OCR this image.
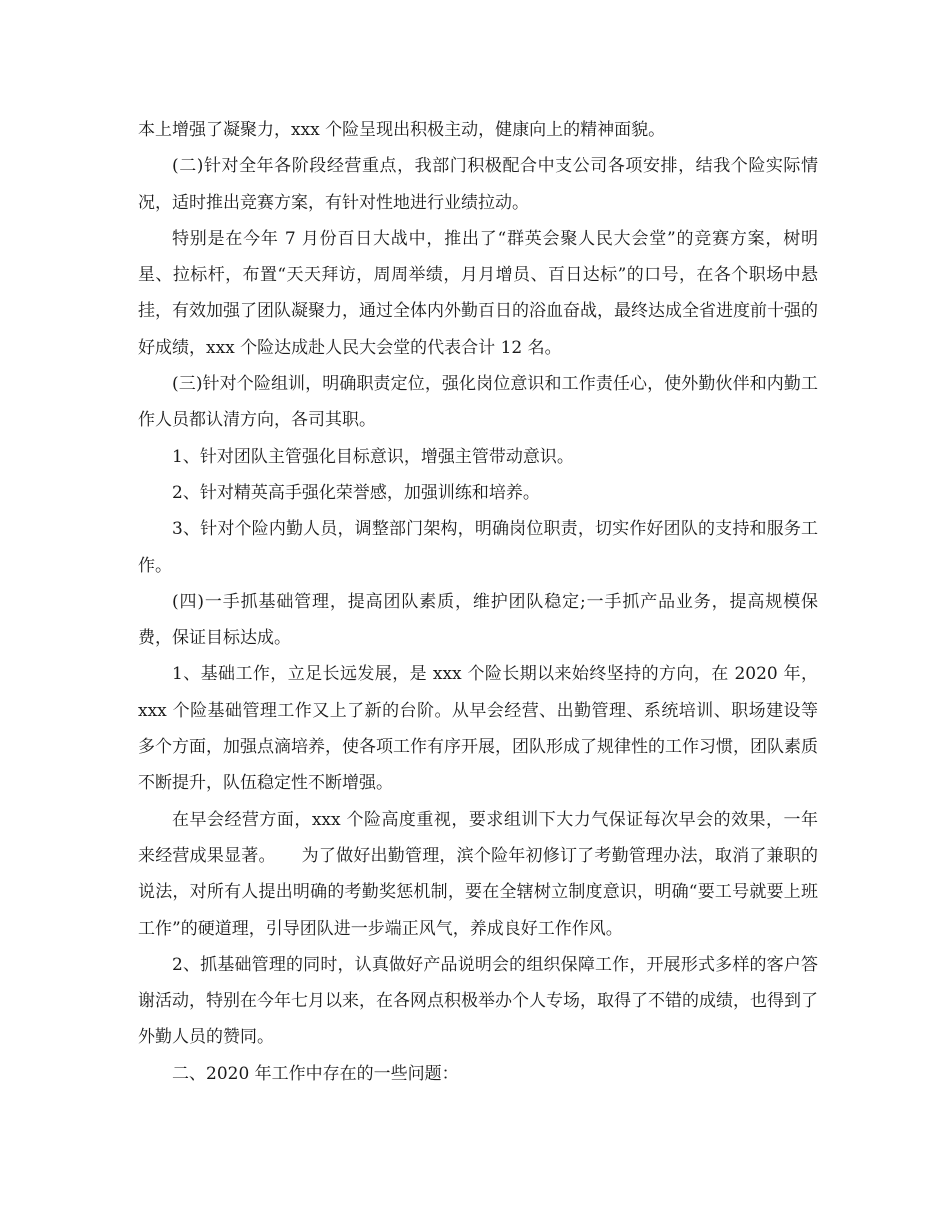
本上增强了凝聚力，xxx 个险呈现出积极主动，健康向上的精神面貌。

(二)针对全年各阶段经营重点，我部门积极配合中支公司各项安排，结我个险实际情况，适时推出竞赛方案，有针对性地进行业绩拉动。

特别是在今年 7 月份百日大战中，推出了“群英会聚人民大会堂”的竞赛方案，树明星、拉标杆，布置“天天拜访，周周举绩，月月增员、百日达标”的口号，在各个职场中悬挂，有效加强了团队凝聚力，通过全体内外勤百日的浴血奋战，最终达成全省进度前十强的好成绩，xxx 个险达成赴人民大会堂的代表合计 12 名。

(三)针对个险组训，明确职责定位，强化岗位意识和工作责任心，使外勤伙伴和内勤工作人员都认清方向，各司其职。

1、针对团队主管强化目标意识，增强主管带动意识。

2、针对精英高手强化荣誉感，加强训练和培养。

3、针对个险内勤人员，调整部门架构，明确岗位职责，切实作好团队的支持和服务工作。

(四)一手抓基础管理，提高团队素质，维护团队稳定;一手抓产品业务，提高规模保费，保证目标达成。

1、基础工作，立足长远发展，是 xxx 个险长期以来始终坚持的方向，在 2020 年，xxx 个险基础管理工作又上了新的台阶。从早会经营、出勤管理、系统培训、职场建设等多个方面，加强点滴培养，使各项工作有序开展，团队形成了规律性的工作习惯，团队素质不断提升，队伍稳定性不断增强。

在早会经营方面，xxx 个险高度重视，要求组训下大力气保证每次早会的效果，一年来经营成果显著。　　为了做好出勤管理，滨个险年初修订了考勤管理办法，取消了兼职的说法，对所有人提出明确的考勤奖惩机制，要在全辖树立制度意识，明确“要工号就要上班工作”的硬道理，引导团队进一步端正风气，养成良好工作作风。

2、抓基础管理的同时，认真做好产品说明会的组织保障工作，开展形式多样的客户答谢活动，特别在今年七月以来，在各网点积极举办个人专场，取得了不错的成绩，也得到了外勤人员的赞同。

二、2020 年工作中存在的一些问题：
